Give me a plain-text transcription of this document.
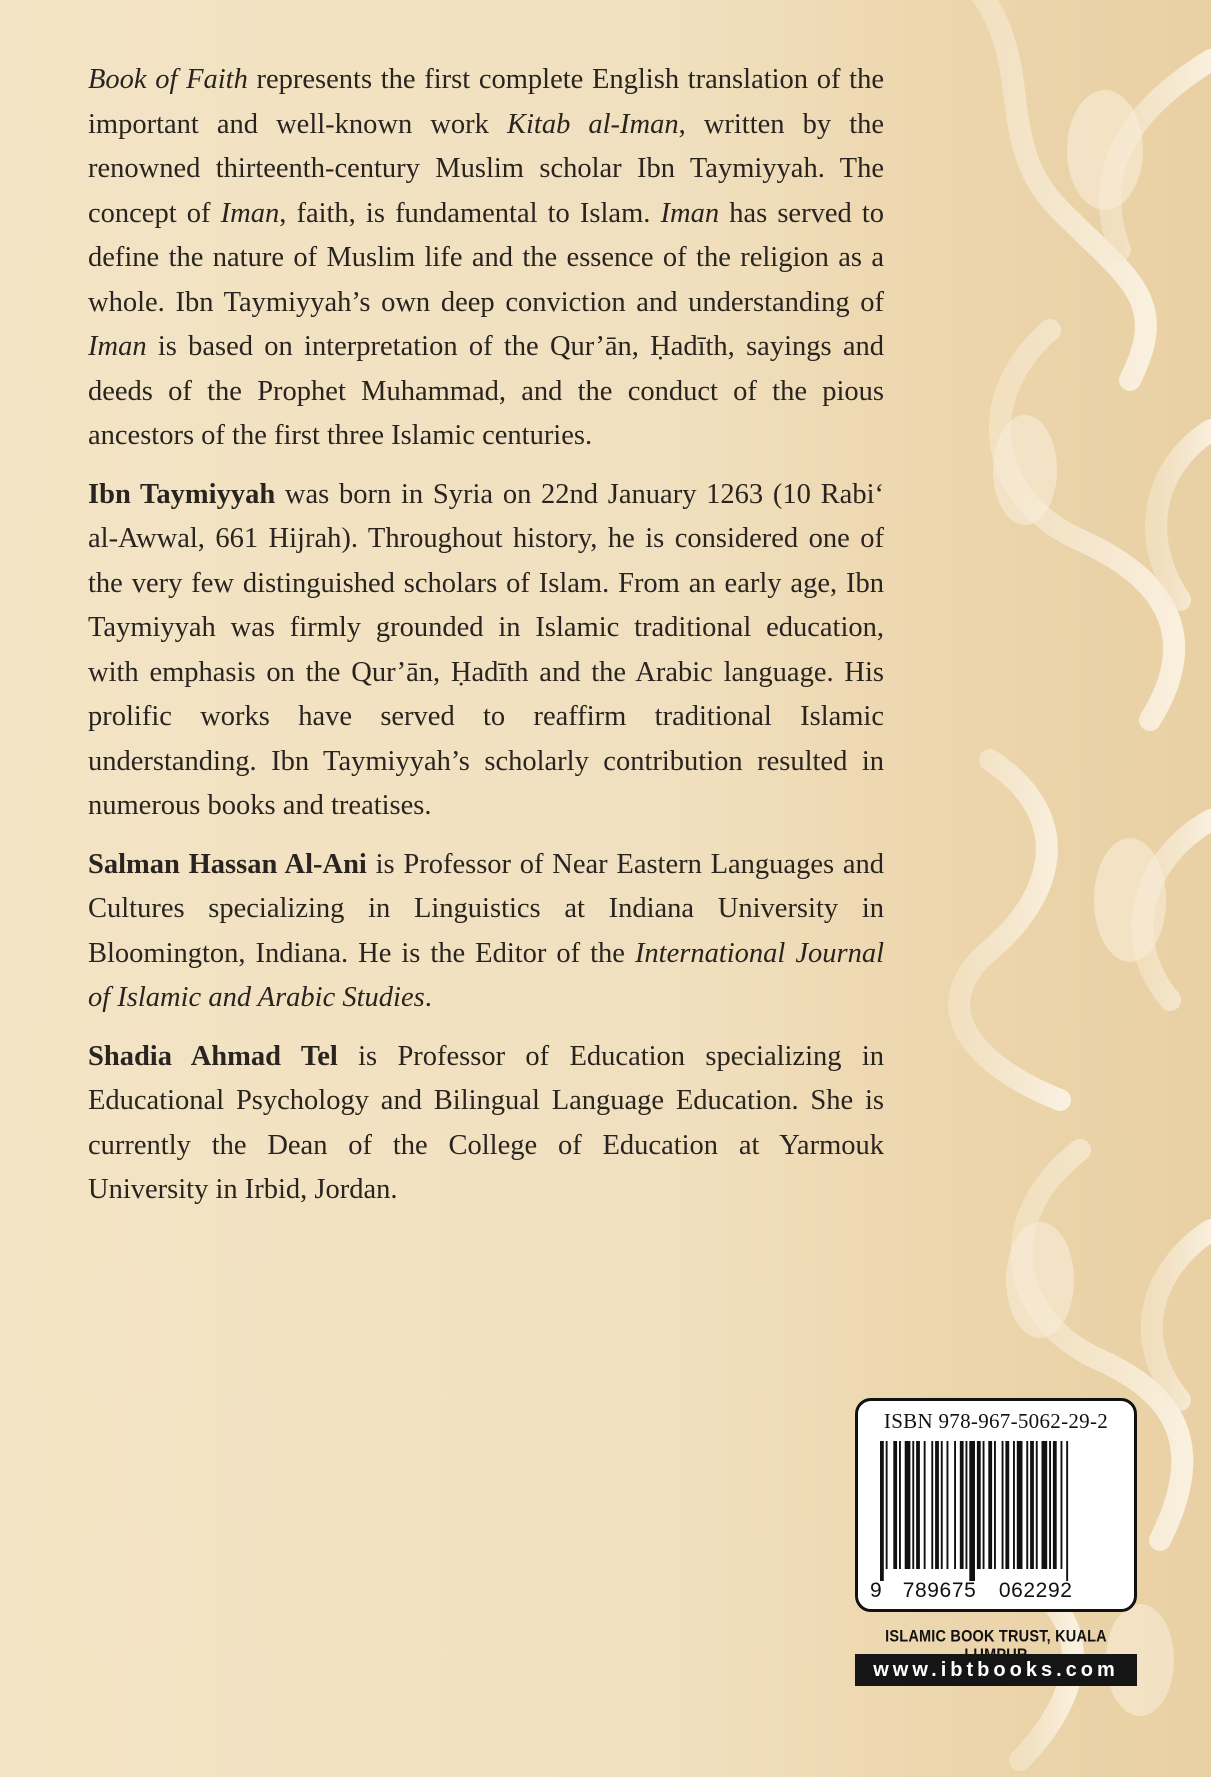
Book of Faith represents the first complete English translation of the important and well-known work Kitab al-Iman, written by the renowned thirteenth-century Muslim scholar Ibn Taymiyyah. The concept of Iman, faith, is fundamental to Islam. Iman has served to define the nature of Muslim life and the essence of the religion as a whole. Ibn Taymiyyah’s own deep conviction and understanding of Iman is based on interpretation of the Qur’ān, Ḥadīth, sayings and deeds of the Prophet Muhammad, and the conduct of the pious ancestors of the first three Islamic centuries.

Ibn Taymiyyah was born in Syria on 22nd January 1263 (10 Rabi‘ al-Awwal, 661 Hijrah). Throughout history, he is considered one of the very few distinguished scholars of Islam. From an early age, Ibn Taymiyyah was firmly grounded in Islamic traditional education, with emphasis on the Qur’ān, Ḥadīth and the Arabic language. His prolific works have served to reaffirm traditional Islamic understanding. Ibn Taymiyyah’s scholarly contribution resulted in numerous books and treatises.

Salman Hassan Al-Ani is Professor of Near Eastern Languages and Cultures specializing in Linguistics at Indiana University in Bloomington, Indiana. He is the Editor of the International Journal of Islamic and Arabic Studies.

Shadia Ahmad Tel is Professor of Education specializing in Educational Psychology and Bilingual Language Education. She is currently the Dean of the College of Education at Yarmouk University in Irbid, Jordan.

ISBN 978-967-5062-29-2
9 789675 062292
ISLAMIC BOOK TRUST, KUALA
www.ibtbooks.com
